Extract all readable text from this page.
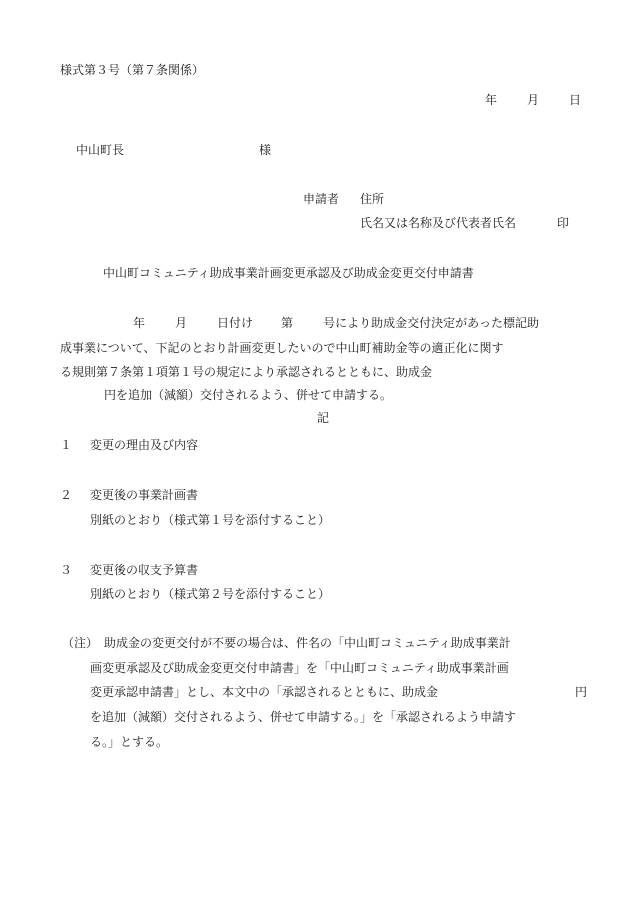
様式第３号（第７条関係）
年	月	日
中山町長	様
申請者 住所
氏名又は名称及び代表者氏名	印
中山町コミュニティ助成事業計画変更承認及び助成金変更交付申請書
年	月	日付け 第	号により助成金交付決定があった標記助
成事業について、下記のとおり計画変更したいので中山町補助金等の適正化に関す
る規則第７条第１項第１号の規定により承認されるとともに、助成金
円を追加（減額）交付されるよう、併せて申請する。
記
１ 変更の理由及び内容
２ 変更後の事業計画書
別紙のとおり（様式第１号を添付すること）
３ 変更後の収支予算書
別紙のとおり（様式第２号を添付すること）
（注） 助成金の変更交付が不要の場合は、件名の「中山町コミュニティ助成事業計
画変更承認及び助成金変更交付申請書」を「中山町コミュニティ助成事業計画
変更承認申請書」とし、本文中の「承認されるとともに、助成金	円
を追加（減額）交付されるよう、併せて申請する。」を「承認されるよう申請す
る。」とする。
